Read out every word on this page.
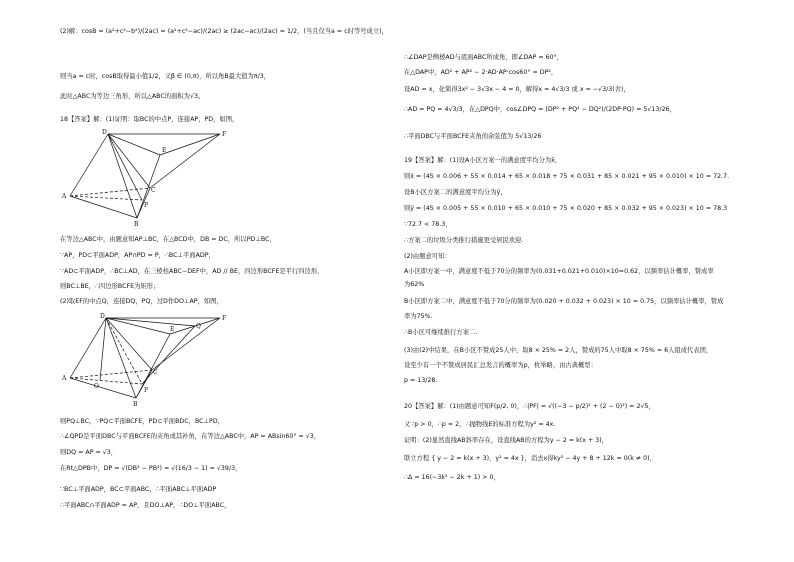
(2)解：cosB = (a²+c²−b²)/(2ac) = (a²+c²−ac)/(2ac) ≥ (2ac−ac)/(2ac) = 1/2，(当且仅当a = c时等号成立)，
则当a = c时，cosB取得最小值1/2，又β ∈ (0,π)，所以角B最大值为π/3，
此时△ABC为等边三角形，所以△ABC的面积为√3。
18【答案】解：(1)证明：取BC的中点P，连接AP，PD，如图，
D
E
F
A
C
P
B
在等边△ABC中，由题意知AP⊥BC，在△BCD中，DB = DC，所以PD⊥BC，
∵AP，PD⊂平面ADP，AP∩PD = P，∴BC⊥平面ADP，
∵AD⊂平面ADP，∴BC⊥AD，在三棱柱ABC−DEF中，AD // BE，四边形BCFE是平行四边形，
则BC⊥BE，∴四边形BCFE为矩形；
(2)取EF的中点Q，连接DQ，PQ，过D作DO⊥AP，如图，
D
E	Q
F
A
C
O
P
B
则PQ⊥BC，∵PQ⊂平面BCFE，PD⊂平面BDC，BC⊥PD，
∴∠QPD是平面DBC与平面BCFE的夹角或其补角，在等边△ABC中，AP = ABsin60° = √3，
则DQ = AP = √3，
在Rt△DPB中，DP = √(DB² − PB²) = √(16/3 − 1) = √39/3，
∵BC⊥平面ADP，BC⊂平面ABC，∴平面ABC⊥平面ADP
∴平面ABC∩平面ADP = AP，且DO⊥AP，∴DO⊥平面ABC，
∴∠DAP是侧棱AD与底面ABC所成角，即∠DAP = 60°，
在△DAP中，AD² + AP² − 2·AD·AP·cos60° = DP²，
设AD = x，化简得3x² − 3√3x − 4 = 0，解得x = 4√3/3 或 x = −√3/3(舍)，
∴AD = PQ = 4√3/3，在△DPQ中，cos∠DPQ = (DP² + PQ² − DQ²)/(2DP·PQ) = 5√13/26，
∴平面DBC与平面BCFE夹角的余弦值为 5√13/26
19【答案】解：(1)设A小区方案一的满意度平均分为x̄，
则x̄ = (45 × 0.006 + 55 × 0.014 + 65 × 0.018 + 75 × 0.031 + 85 × 0.021 + 95 × 0.010) × 10 = 72.7.
设B小区方案二的满意度平均分为ȳ，
则ȳ = (45 × 0.005 + 55 × 0.010 + 65 × 0.010 + 75 × 0.020 + 85 × 0.032 + 95 × 0.023) × 10 = 78.3
∵72.7 < 78.3，
∴方案二的垃圾分类推行措施更受居民欢迎.
(2)由题意可知：
A小区即方案一中，满意度不低于70分的频率为(0.031+0.021+0.010)×10=0.62，以频率估计概率，赞成率
为62%
B小区即方案二中，满意度不低于70分的频率为(0.020 + 0.032 + 0.023) × 10 = 0.75，以频率估计概率，赞成
率为75%.
∴B小区可继续推行方案二.
(3)由(2)中结果，在B小区不赞成25人中，取8 × 25% = 2人，赞成的75人中取8 × 75% = 6人组成代表团，
设至少有一个不赞成居民汇总发言的概率为p，枚举略，由古典概型：
p = 13/28.
20【答案】解：(1)由题意可知F(p/2, 0)，∴|PF| = √((−3 − p/2)² + (2 − 0)²) = 2√5，
又∵p > 0，∴p = 2，∴抛物线E的标准方程为y² = 4x.
证明：(2)显然直线AB斜率存在，设直线AB的方程为y − 2 = k(x + 3)，
联立方程 { y − 2 = k(x + 3)，y² = 4x }，消去x得ky² − 4y + 8 + 12k = 0(k ≠ 0)，
∴Δ = 16(−3k² − 2k + 1) > 0，
